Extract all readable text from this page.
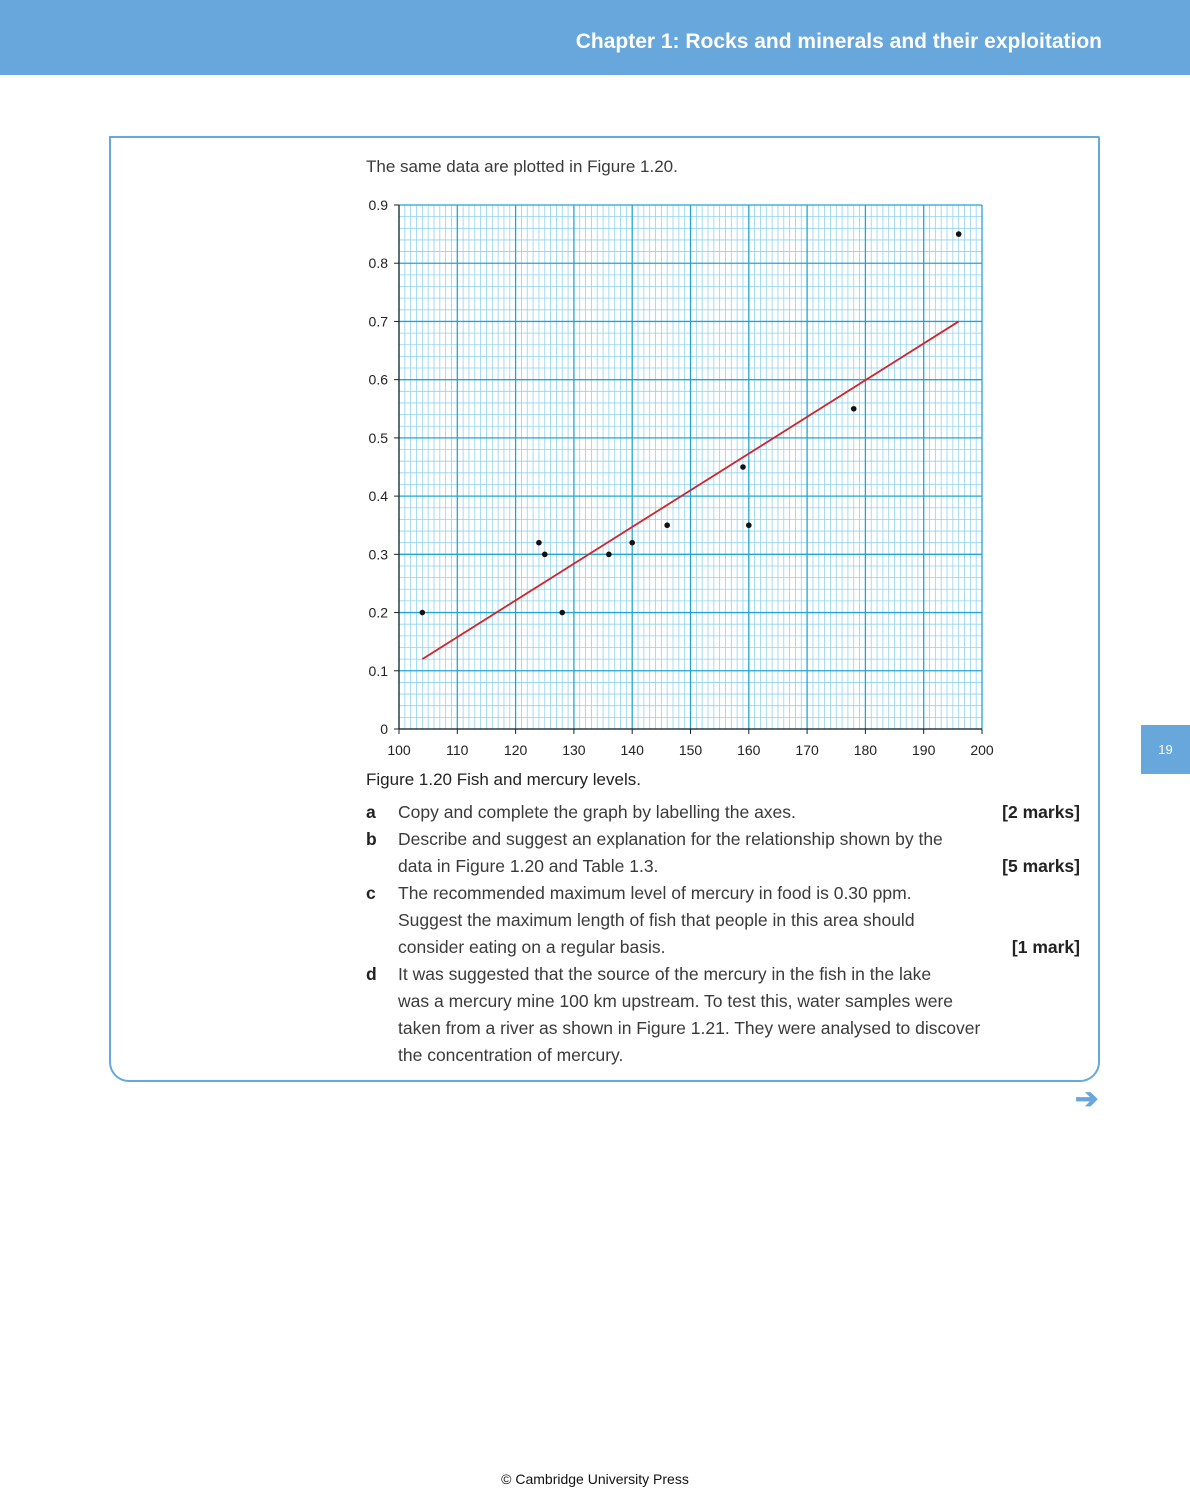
Chapter 1: Rocks and minerals and their exploitation
The same data are plotted in Figure 1.20.
100	110	120 130 140 150 160 170 180 190 200
0
0.1
0.2
0.3
0.4
0.5
0.6
0.7
0.8
0.9
Figure 1.20 Fish and mercury levels.
a Copy and complete the graph by labelling the axes.	[2 marks]
b Describe and suggest an explanation for the relationship shown by the
data in Figure 1.20 and Table 1.3.	[5 marks]
c The recommended maximum level of mercury in food is 0.30 ppm.
Suggest the maximum length of fish that people in this area should
consider eating on a regular basis.	[1 mark]
d It was suggested that the source of the mercury in the fish in the lake
was a mercury mine 100 km upstream. To test this, water samples were
taken from a river as shown in Figure 1.21. They were analysed to discover
the concentration of mercury.
19
➔
© Cambridge University Press
